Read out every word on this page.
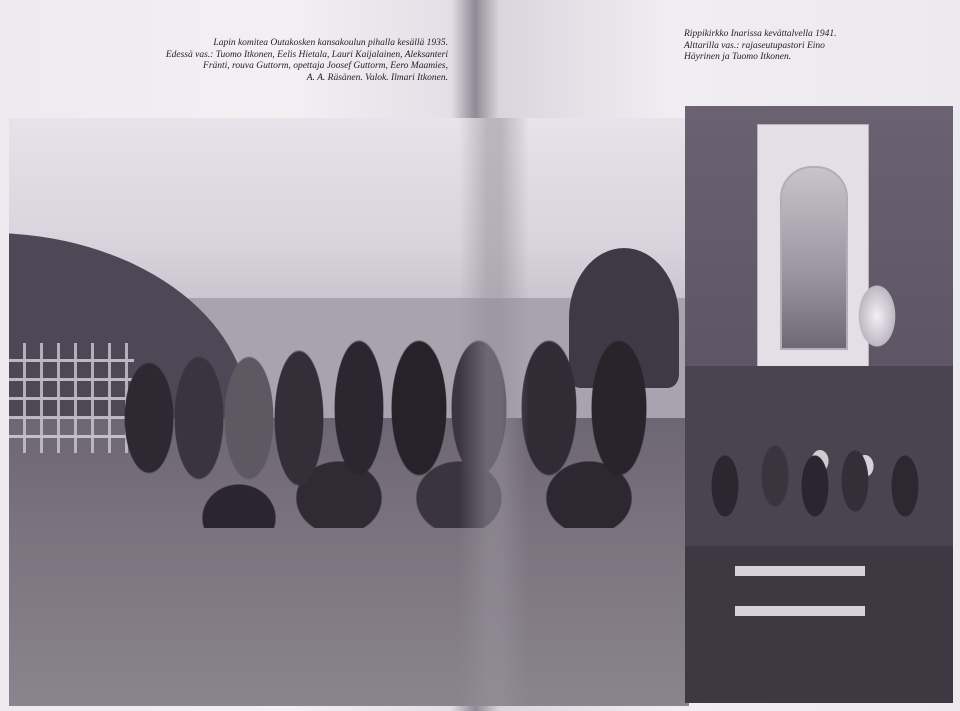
Lapin komitea Outakosken kansakoulun pihalla kesällä 1935.
Edessä vas.: Tuomo Itkonen, Eelis Hietala, Lauri Kaijalainen, Aleksanteri
Fränti, rouva Guttorm, opettaja Joosef Guttorm, Eero Maamies,
A. A. Räsänen. Valok. Ilmari Itkonen.

Rippikirkko Inarissa kevättalvella 1941.
Alttarilla vas.: rajaseutupastori Eino
Häyrinen ja Tuomo Itkonen.
